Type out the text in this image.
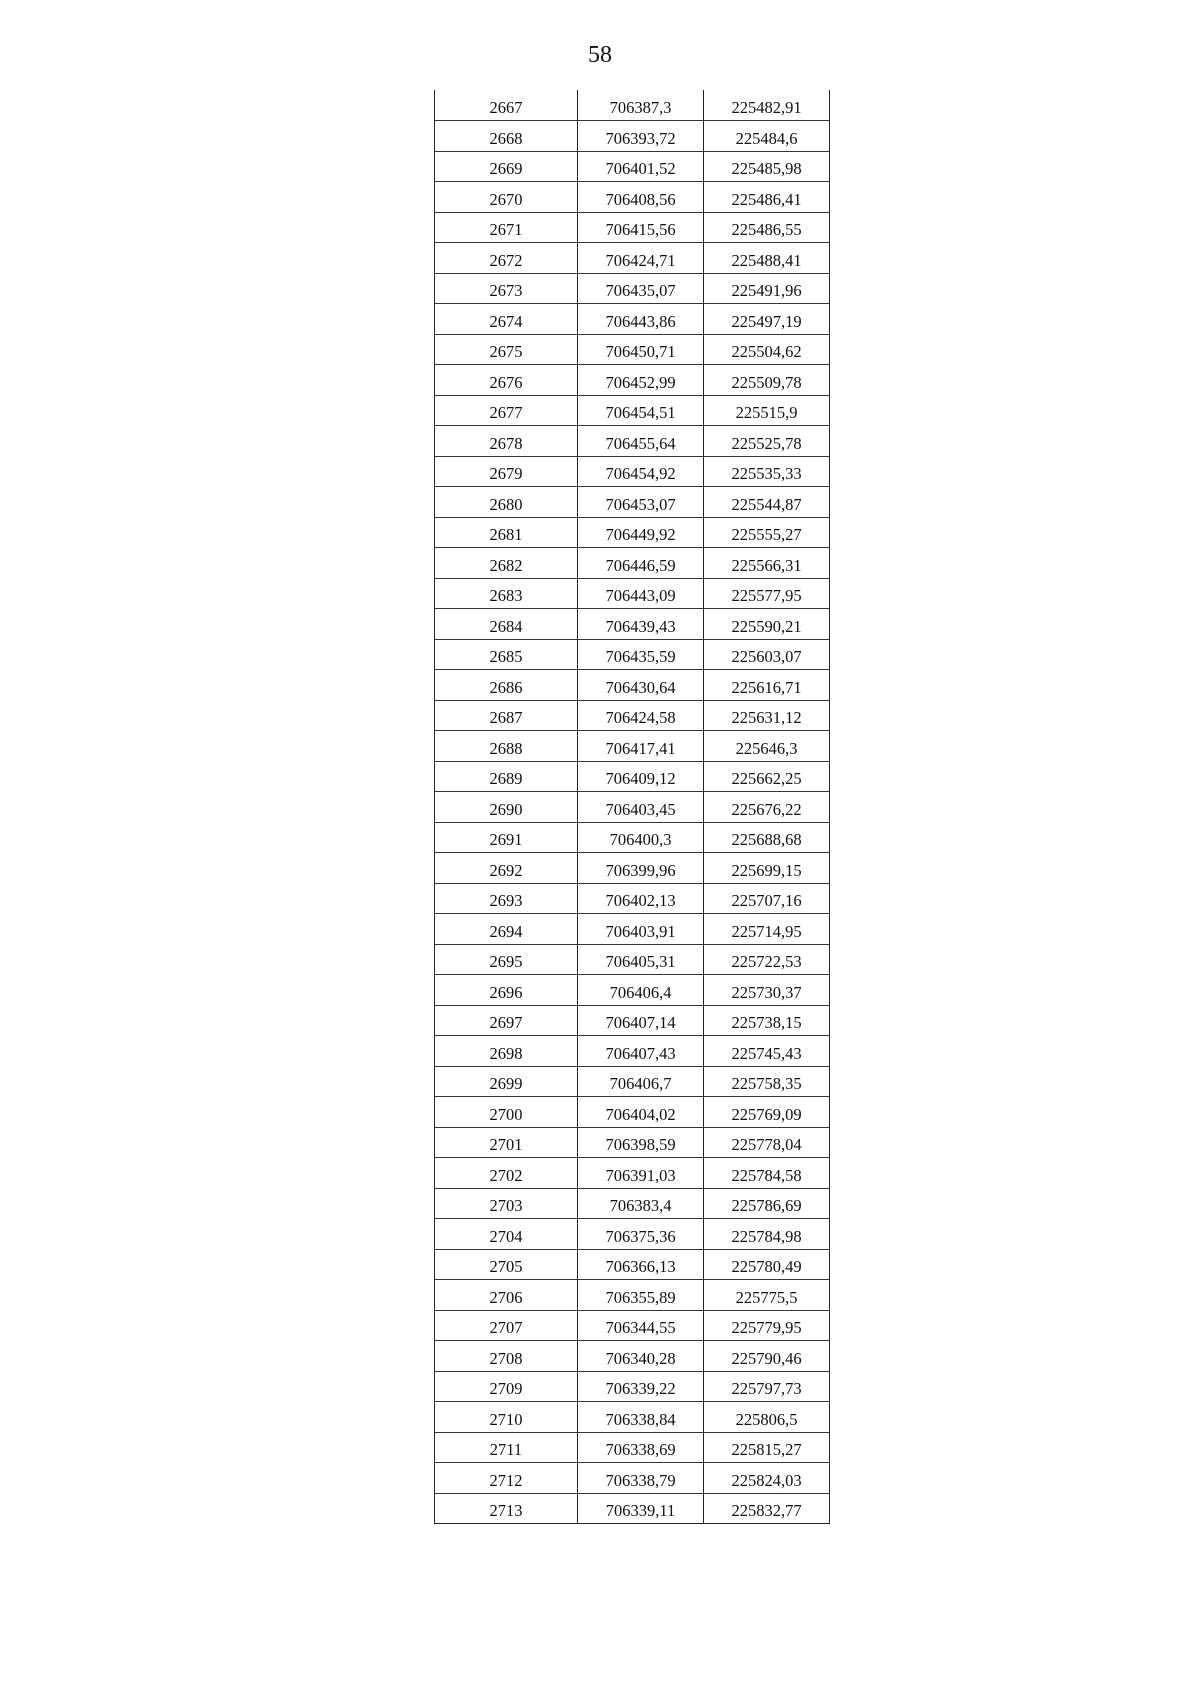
58
2667	706387,3	225482,91
2668	706393,72	225484,6
2669	706401,52	225485,98
2670	706408,56	225486,41
2671	706415,56	225486,55
2672	706424,71	225488,41
2673	706435,07	225491,96
2674	706443,86	225497,19
2675	706450,71	225504,62
2676	706452,99	225509,78
2677	706454,51	225515,9
2678	706455,64	225525,78
2679	706454,92	225535,33
2680	706453,07	225544,87
2681	706449,92	225555,27
2682	706446,59	225566,31
2683	706443,09	225577,95
2684	706439,43	225590,21
2685	706435,59	225603,07
2686	706430,64	225616,71
2687	706424,58	225631,12
2688	706417,41	225646,3
2689	706409,12	225662,25
2690	706403,45	225676,22
2691	706400,3	225688,68
2692	706399,96	225699,15
2693	706402,13	225707,16
2694	706403,91	225714,95
2695	706405,31	225722,53
2696	706406,4	225730,37
2697	706407,14	225738,15
2698	706407,43	225745,43
2699	706406,7	225758,35
2700	706404,02	225769,09
2701	706398,59	225778,04
2702	706391,03	225784,58
2703	706383,4	225786,69
2704	706375,36	225784,98
2705	706366,13	225780,49
2706	706355,89	225775,5
2707	706344,55	225779,95
2708	706340,28	225790,46
2709	706339,22	225797,73
2710	706338,84	225806,5
2711	706338,69	225815,27
2712	706338,79	225824,03
2713	706339,11	225832,77
